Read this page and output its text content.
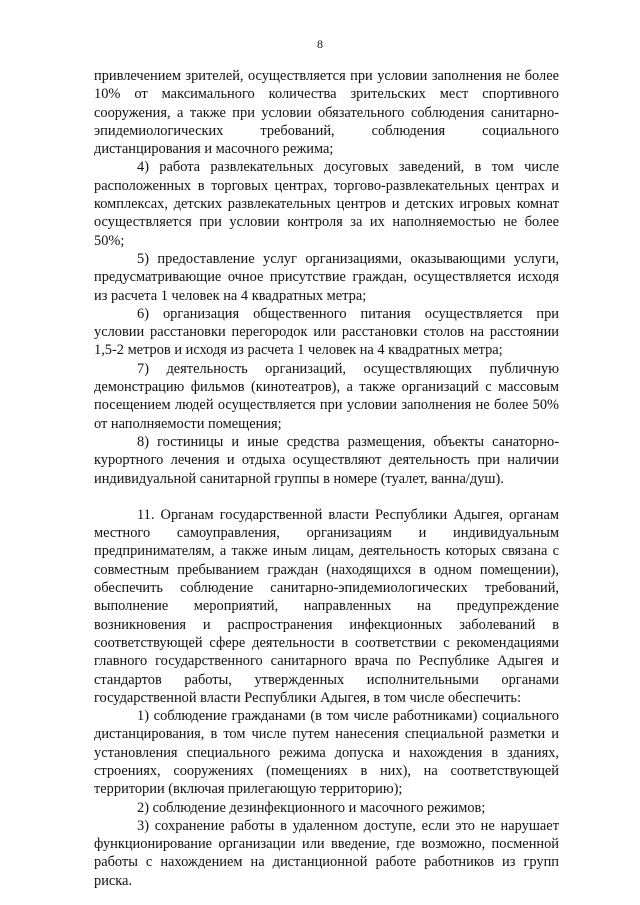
8

привлечением зрителей, осуществляется при условии заполнения не более 10% от максимального количества зрительских мест спортивного сооружения, а также при условии обязательного соблюдения санитарно-эпидемиологических требований, соблюдения социального дистанцирования и масочного режима;

4) работа развлекательных досуговых заведений, в том числе расположенных в торговых центрах, торгово-развлекательных центрах и комплексах, детских развлекательных центров и детских игровых комнат осуществляется при условии контроля за их наполняемостью не более 50%;

5) предоставление услуг организациями, оказывающими услуги, предусматривающие очное присутствие граждан, осуществляется исходя из расчета 1 человек на 4 квадратных метра;

6) организация общественного питания осуществляется при условии расстановки перегородок или расстановки столов на расстоянии 1,5-2 метров и исходя из расчета 1 человек на 4 квадратных метра;

7) деятельность организаций, осуществляющих публичную демонстрацию фильмов (кинотеатров), а также организаций с массовым посещением людей осуществляется при условии заполнения не более 50% от наполняемости помещения;

8) гостиницы и иные средства размещения, объекты санаторно-курортного лечения и отдыха осуществляют деятельность при наличии индивидуальной санитарной группы в номере (туалет, ванна/душ).

11. Органам государственной власти Республики Адыгея, органам местного самоуправления, организациям и индивидуальным предпринимателям, а также иным лицам, деятельность которых связана с совместным пребыванием граждан (находящихся в одном помещении), обеспечить соблюдение санитарно-эпидемиологических требований, выполнение мероприятий, направленных на предупреждение возникновения и распространения инфекционных заболеваний в соответствующей сфере деятельности в соответствии с рекомендациями главного государственного санитарного врача по Республике Адыгея и стандартов работы, утвержденных исполнительными органами государственной власти Республики Адыгея, в том числе обеспечить:

1) соблюдение гражданами (в том числе работниками) социального дистанцирования, в том числе путем нанесения специальной разметки и установления специального режима допуска и нахождения в зданиях, строениях, сооружениях (помещениях в них), на соответствующей территории (включая прилегающую территорию);

2) соблюдение дезинфекционного и масочного режимов;

3) сохранение работы в удаленном доступе, если это не нарушает функционирование организации или введение, где возможно, посменной работы с нахождением на дистанционной работе работников из групп риска.
